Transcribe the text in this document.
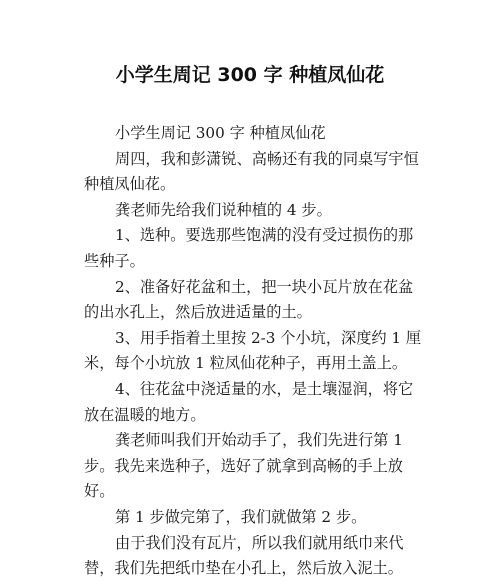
小学生周记 300 字 种植凤仙花

小学生周记 300 字 种植凤仙花

周四，我和彭潇锐、高畅还有我的同桌写宇恒种植凤仙花。

龚老师先给我们说种植的 4 步。

1、选种。要选那些饱满的没有受过损伤的那些种子。

2、准备好花盆和土，把一块小瓦片放在花盆的出水孔上，然后放进适量的土。

3、用手指着土里按 2-3 个小坑，深度约 1 厘米，每个小坑放 1 粒凤仙花种子，再用土盖上。

4、往花盆中浇适量的水，是土壤湿润，将它放在温暖的地方。

龚老师叫我们开始动手了，我们先进行第 1 步。我先来选种子，选好了就拿到高畅的手上放好。

第 1 步做完第了，我们就做第 2 步。

由于我们没有瓦片，所以我们就用纸巾来代替，我们先把纸巾垫在小孔上，然后放入泥土。
